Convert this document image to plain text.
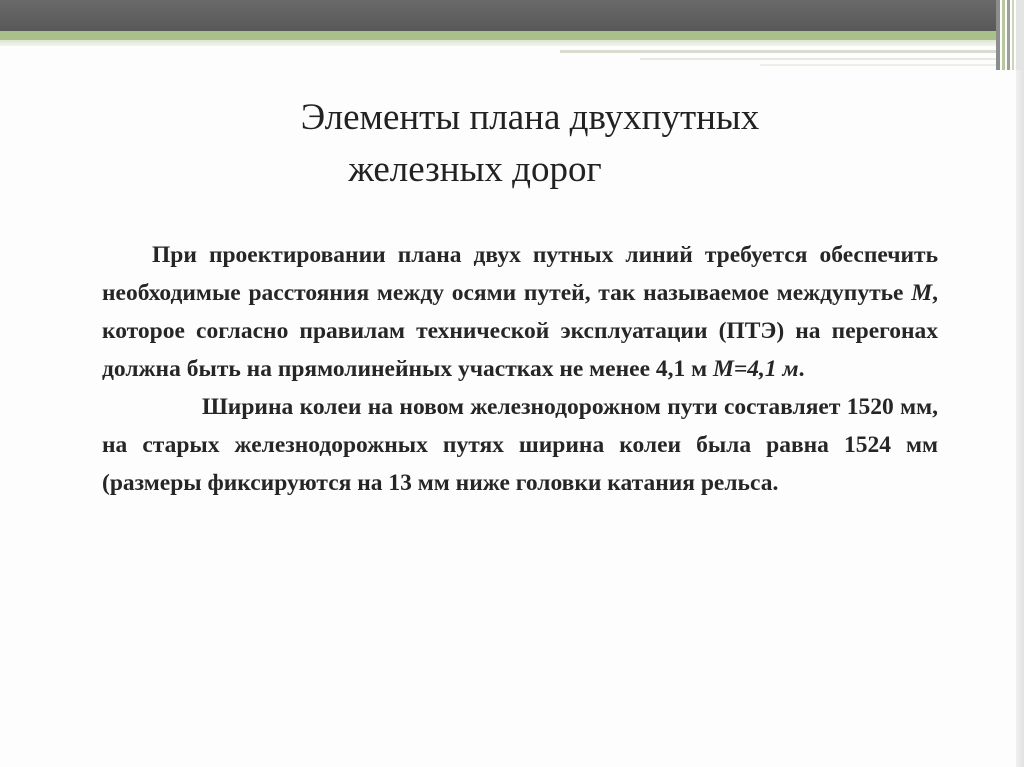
Элементы плана двухпутных
железных дорог

При проектировании плана двух путных линий требуется обеспечить необходимые расстояния между осями путей, так называемое междупутье М, которое согласно правилам технической эксплуатации (ПТЭ) на перегонах должна быть на прямолинейных участках не менее 4,1 м М=4,1 м.

Ширина колеи на новом железнодорожном пути составляет 1520 мм, на старых железнодорожных путях ширина колеи была равна 1524 мм (размеры фиксируются на 13 мм ниже головки катания рельса.
